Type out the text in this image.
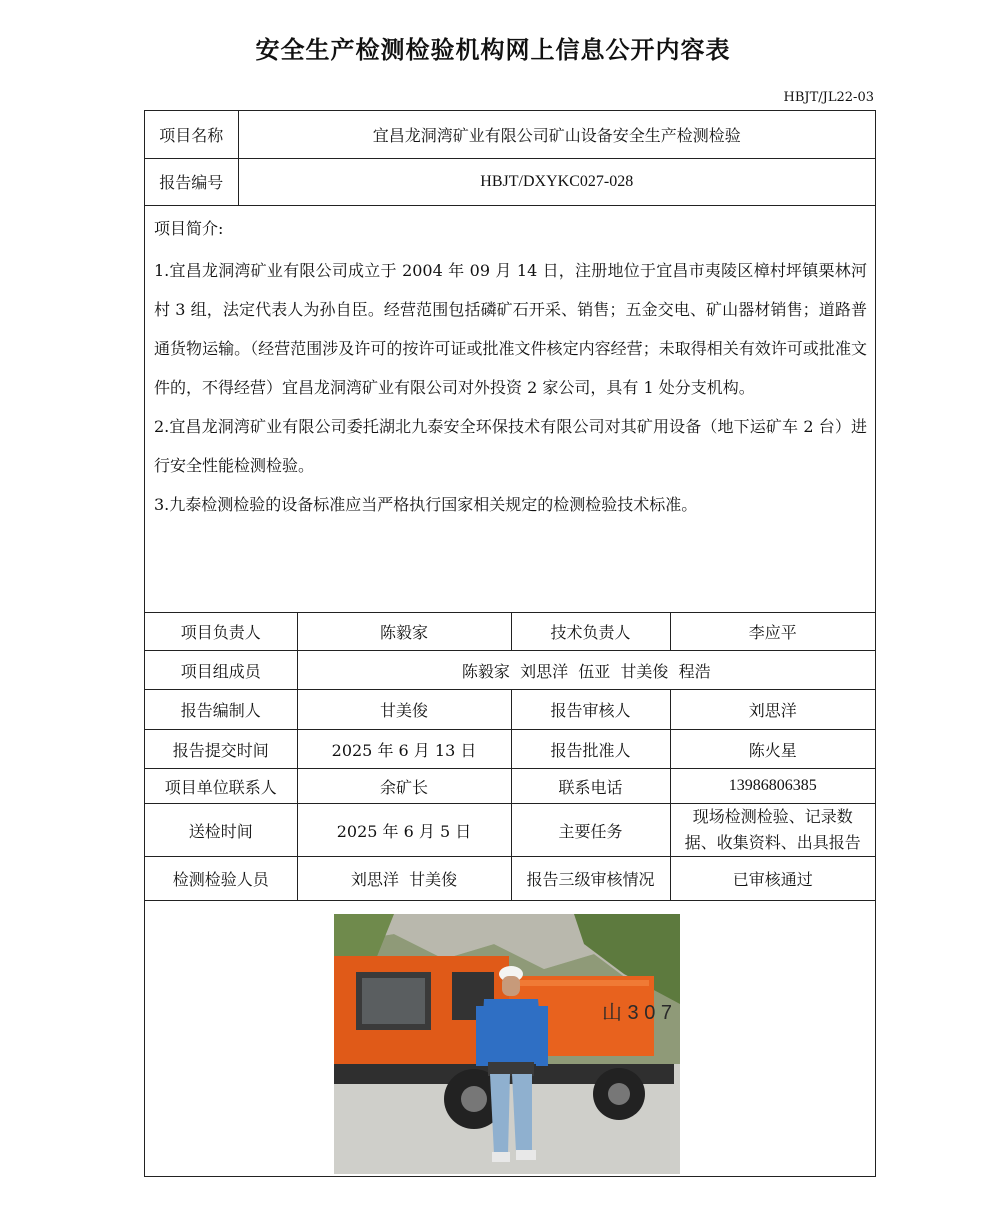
安全生产检测检验机构网上信息公开内容表
HBJT/JL22-03
项目名称	宜昌龙洞湾矿业有限公司矿山设备安全生产检测检验
报告编号	HBJT/DXYKC027-028

项目简介:

1.宜昌龙洞湾矿业有限公司成立于 2004 年 09 月 14 日，注册地位于宜昌市夷陵区樟村坪镇栗林河村 3 组，法定代表人为孙自臣。经营范围包括磷矿石开采、销售；五金交电、矿山器材销售；道路普通货物运输。（经营范围涉及许可的按许可证或批准文件核定内容经营；未取得相关有效许可或批准文件的，不得经营）宜昌龙洞湾矿业有限公司对外投资 2 家公司，具有 1 处分支机构。

2.宜昌龙洞湾矿业有限公司委托湖北九泰安全环保技术有限公司对其矿用设备（地下运矿车 2 台）进行安全性能检测检验。

3.九泰检测检验的设备标准应当严格执行国家相关规定的检测检验技术标准。

项目负责人	陈毅家	技术负责人	李应平
项目组成员	陈毅家  刘思洋  伍亚  甘美俊  程浩		
报告编制人	甘美俊	报告审核人	刘思洋
报告提交时间	2025 年 6 月 13 日	报告批准人	陈火星
项目单位联系人	余矿长	联系电话	13986806385
送检时间	2025 年 6 月 5 日	主要任务	现场检测检验、记录数
据、收集资料、出具报告

检测检验人员	刘思洋  甘美俊	报告三级审核情况	已审核通过
山 3 0 7
